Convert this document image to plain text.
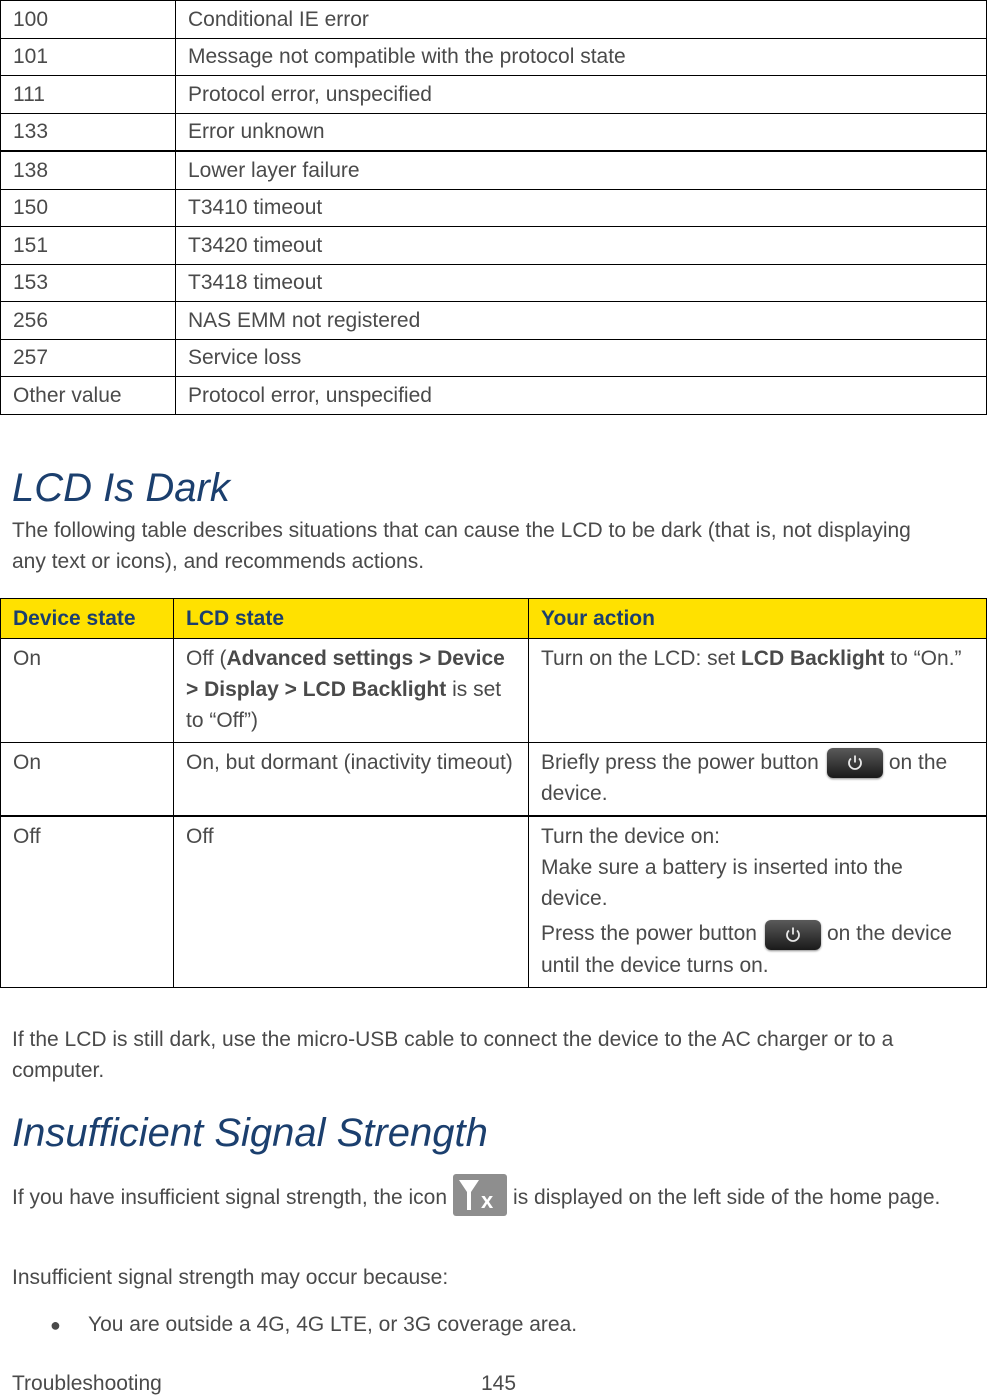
100	Conditional IE error
101	Message not compatible with the protocol state
111	Protocol error, unspecified
133	Error unknown
138	Lower layer failure
150	T3410 timeout
151	T3420 timeout
153	T3418 timeout
256	NAS EMM not registered
257	Service loss
Other value	Protocol error, unspecified
LCD Is Dark

The following table describes situations that can cause the LCD to be dark (that is, not displaying any text or icons), and recommends actions.

Device state	LCD state	Your action
On	Off (Advanced settings > Device > Display > LCD Backlight is set to “Off”)	Turn on the LCD: set LCD Backlight to “On.”
On	On, but dormant (inactivity timeout)	Briefly press the power button on the device.
Off	Off	Turn the device on:
Make sure a battery is inserted into the device.
Press the power button on the device until the device turns on.

If the LCD is still dark, use the micro-USB cable to connect the device to the AC charger or to a computer.

Insufficient Signal Strength

If you have insufficient signal strength, the icon x is displayed on the left side of the home page.

Insufficient signal strength may occur because:

● You are outside a 4G, 4G LTE, or 3G coverage area.
Troubleshooting	145
